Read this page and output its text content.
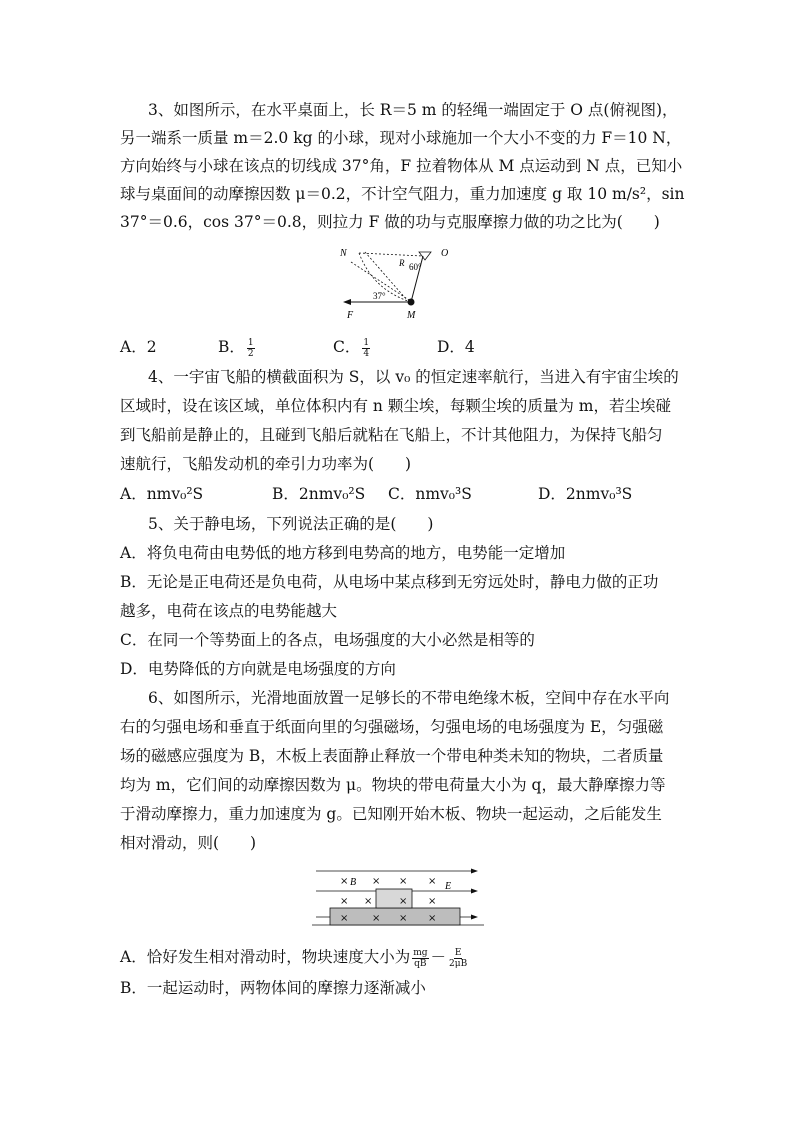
3、如图所示，在水平桌面上，长 R＝5 m 的轻绳一端固定于 O 点(俯视图)，
另一端系一质量 m＝2.0 kg 的小球，现对小球施加一个大小不变的力 F＝10 N，
方向始终与小球在该点的切线成 37°角，F 拉着物体从 M 点运动到 N 点，已知小
球与桌面间的动摩擦因数 μ＝0.2，不计空气阻力，重力加速度 g 取 10 m/s²，sin
37°＝0.6，cos 37°＝0.8，则拉力 F 做的功与克服摩擦力做的功之比为(　　)
N	O
R 60°
37°
F	M
A．2	B． $\frac{1}{2}$	C． $\frac{1}{4}$	D．4
4、一宇宙飞船的横截面积为 S，以 v₀ 的恒定速率航行，当进入有宇宙尘埃的
区域时，设在该区域，单位体积内有 n 颗尘埃，每颗尘埃的质量为 m，若尘埃碰
到飞船前是静止的，且碰到飞船后就粘在飞船上，不计其他阻力，为保持飞船匀
速航行，飞船发动机的牵引力功率为(　　)
A．nmv₀²S	B．2nmv₀²S C．nmv₀³S	D．2nmv₀³S
5、关于静电场，下列说法正确的是(　　)
A．将负电荷由电势低的地方移到电势高的地方，电势能一定增加
B．无论是正电荷还是负电荷，从电场中某点移到无穷远处时，静电力做的正功
越多，电荷在该点的电势能越大
C．在同一个等势面上的各点，电场强度的大小必然是相等的
D．电势降低的方向就是电场强度的方向
6、如图所示，光滑地面放置一足够长的不带电绝缘木板，空间中存在水平向
右的匀强电场和垂直于纸面向里的匀强磁场，匀强电场的电场强度为 E，匀强磁
场的磁感应强度为 B，木板上表面静止释放一个带电种类未知的物块，二者质量
均为 m，它们间的动摩擦因数为 μ。物块的带电荷量大小为 q，最大静摩擦力等
于滑动摩擦力，重力加速度为 g。已知刚开始木板、物块一起运动，之后能发生
相对滑动，则(　　)
× × × ×
× ×	× ×
× × × ×
B	E
A．恰好发生相对滑动时，物块速度大小为 $\frac{mg}{qB} - \frac{E}{2\mu B}$
B．一起运动时，两物体间的摩擦力逐渐减小
